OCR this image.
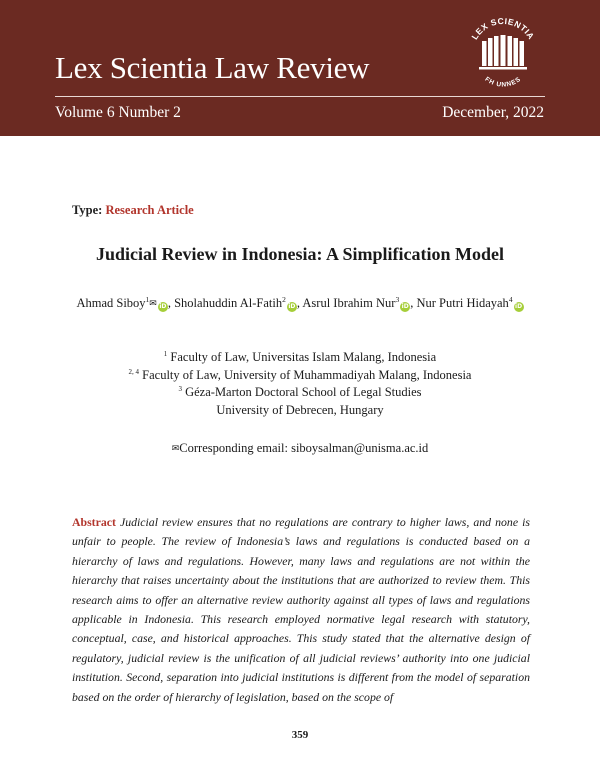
Lex Scientia Law Review
Volume 6 Number 2	December, 2022
LEX SCIENTIA
FH UNNES
Type: Research Article
Judicial Review in Indonesia: A Simplification Model
Ahmad Siboy$^1$✉ iD, Sholahuddin Al-Fatih$^2$iD, Asrul Ibrahim Nur$^3$iD, Nur Putri Hidayah$^4$iD
$^1$ Faculty of Law, Universitas Islam Malang, Indonesia
$^{2, 4}$ Faculty of Law, University of Muhammadiyah Malang, Indonesia
$^3$ Géza-Marton Doctoral School of Legal Studies
University of Debrecen, Hungary
✉Corresponding email: siboysalman@unisma.ac.id

Abstract Judicial review ensures that no regulations are contrary to higher laws, and none is unfair to people. The review of Indonesia’s laws and regulations is conducted based on a hierarchy of laws and regulations. However, many laws and regulations are not within the hierarchy that raises uncertainty about the institutions that are authorized to review them. This research aims to offer an alternative review authority against all types of laws and regulations applicable in Indonesia. This research employed normative legal research with statutory, conceptual, case, and historical approaches. This study stated that the alternative design of regulatory, judicial review is the unification of all judicial reviews’ authority into one judicial institution. Second, separation into judicial institutions is different from the model of separation based on the order of hierarchy of legislation, based on the scope of

359
